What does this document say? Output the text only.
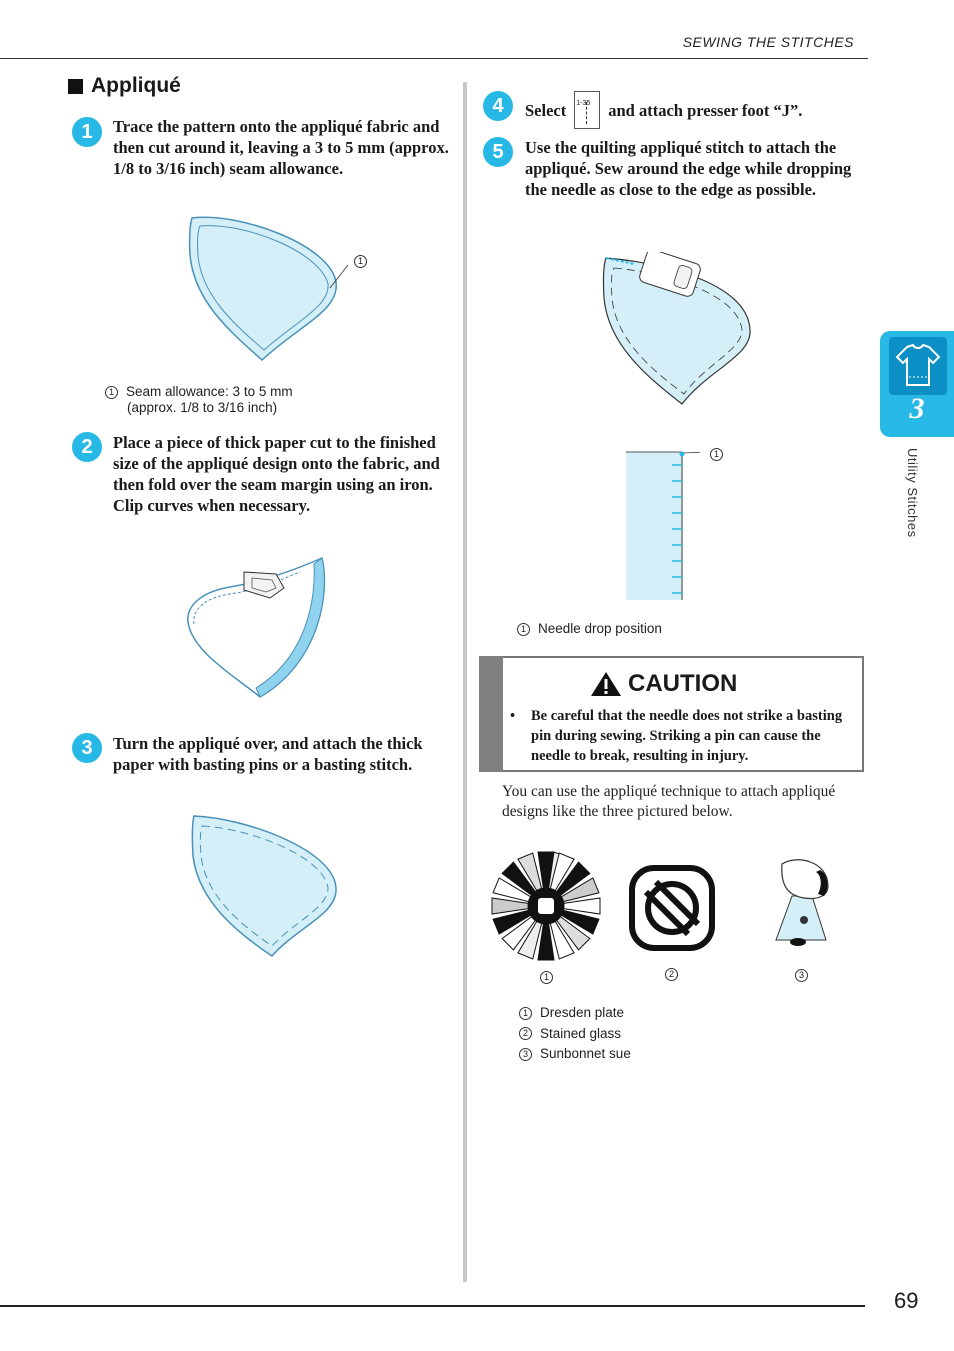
SEWING THE STITCHES
Appliqué
1	Trace the pattern onto the appliqué fabric and then cut around it, leaving a 3 to 5 mm (approx. 1/8 to 3/16 inch) seam allowance.
1
1 Seam allowance: 3 to 5 mm
(approx. 1/8 to 3/16 inch)
2	Place a piece of thick paper cut to the finished size of the appliqué design onto the fabric, and then fold over the seam margin using an iron. Clip curves when necessary.
3	Turn the appliqué over, and attach the thick paper with basting pins or a basting stitch.
4	Select 1-35 and attach presser foot “J”.
5	Use the quilting appliqué stitch to attach the appliqué. Sew around the edge while dropping the needle as close to the edge as possible.
1
1 Needle drop position
CAUTION
•	Be careful that the needle does not strike a basting pin during sewing. Striking a pin can cause the needle to break, resulting in injury.
You can use the appliqué technique to attach appliqué designs like the three pictured below.
1	2	3
1 Dresden plate
2 Stained glass
3 Sunbonnet sue
3
Utility Stitches
69
